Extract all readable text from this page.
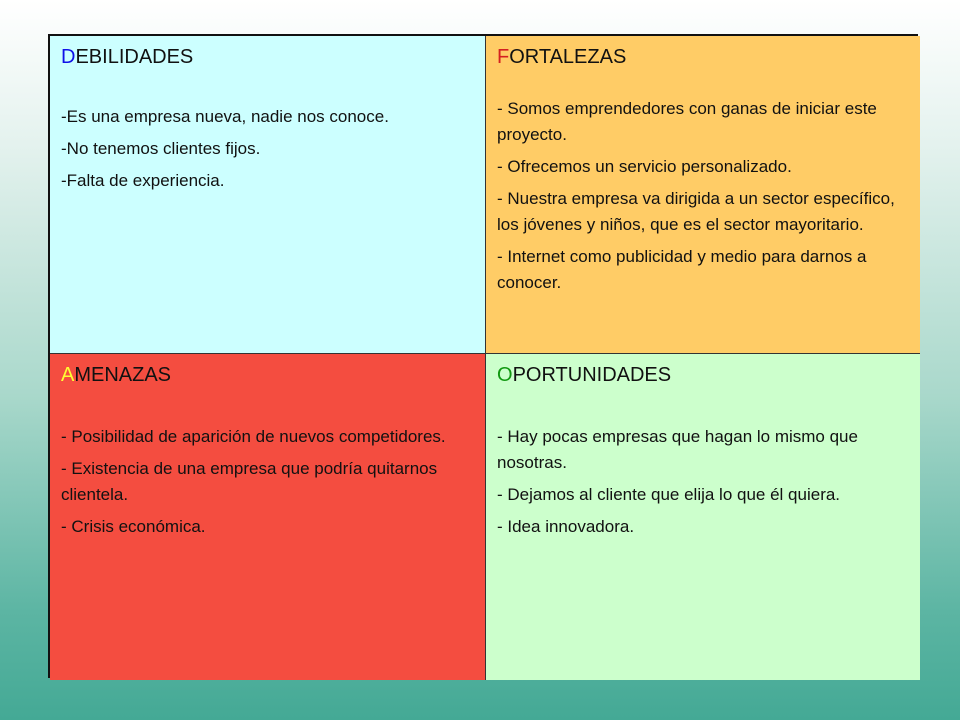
DEBILIDADES
-Es una empresa nueva, nadie nos conoce.
-No tenemos clientes fijos.
-Falta de experiencia.
FORTALEZAS
- Somos emprendedores con ganas de iniciar este proyecto.
- Ofrecemos un servicio personalizado.
- Nuestra empresa va dirigida a un sector específico, los jóvenes y niños, que es el sector mayoritario.
- Internet como publicidad y medio para darnos a conocer.
AMENAZAS
- Posibilidad de aparición de nuevos competidores.
- Existencia de una empresa que podría quitarnos clientela.
- Crisis económica.
OPORTUNIDADES
- Hay pocas empresas que hagan lo mismo que nosotras.
- Dejamos al cliente que elija lo que él quiera.
- Idea innovadora.
